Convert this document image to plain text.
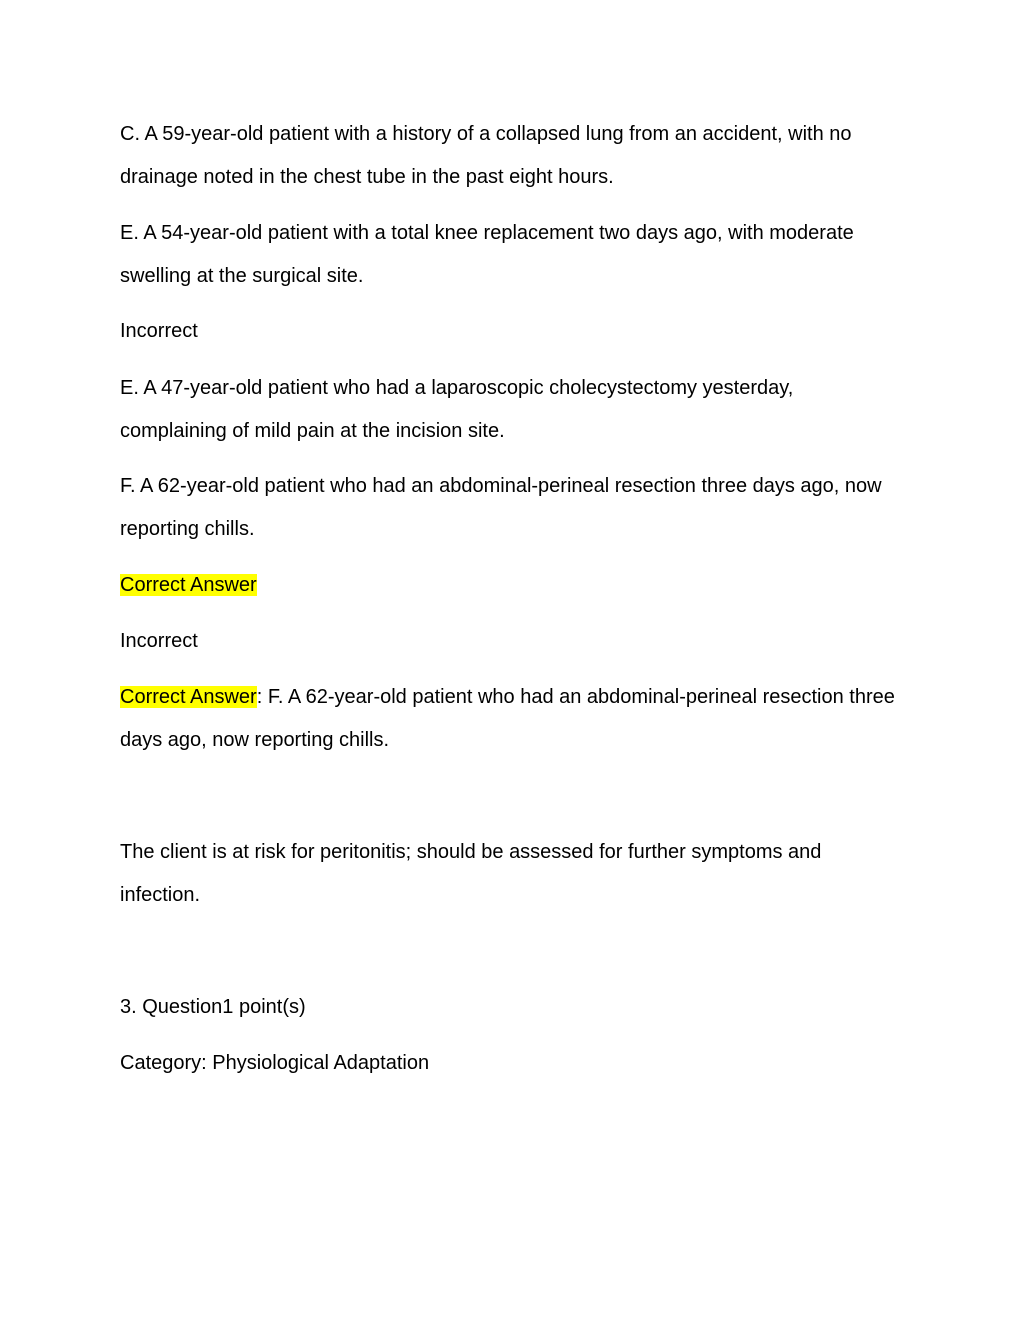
C. A 59-year-old patient with a history of a collapsed lung from an accident, with no drainage noted in the chest tube in the past eight hours.

E. A 54-year-old patient with a total knee replacement two days ago, with moderate swelling at the surgical site.

Incorrect

E. A 47-year-old patient who had a laparoscopic cholecystectomy yesterday, complaining of mild pain at the incision site.

F. A 62-year-old patient who had an abdominal-perineal resection three days ago, now reporting chills.

Correct Answer

Incorrect

Correct Answer: F. A 62-year-old patient who had an abdominal-perineal resection three days ago, now reporting chills.

The client is at risk for peritonitis; should be assessed for further symptoms and infection.

3. Question1 point(s)

Category: Physiological Adaptation
